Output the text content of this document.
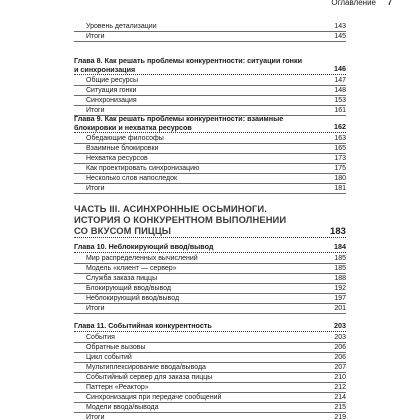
Оглавление 7
Уровень детализации	143
Итоги	145
Глава 8. Как решать проблемы конкурентности: ситуации гонки
и синхронизация	146
Общие ресурсы	147
Ситуация гонки	148
Синхронизация	153
Итоги	161
Глава 9. Как решать проблемы конкурентности: взаимные
блокировки и нехватка ресурсов	162
Обедающие философы	163
Взаимные блокировки	165
Нехватка ресурсов	173
Как проектировать синхронизацию	175
Несколько слов напоследок	180
Итоги	181
ЧАСТЬ III. АСИНХРОННЫЕ ОСЬМИНОГИ.
ИСТОРИЯ О КОНКУРЕНТНОМ ВЫПОЛНЕНИИ
СО ВКУСОМ ПИЦЦЫ	183
Глава 10. Неблокирующий ввод/вывод	184
Мир распределенных вычислений	185
Модель «клиент — сервер»	185
Служба заказа пиццы	188
Блокирующий ввод/вывод	192
Неблокирующий ввод/вывод	197
Итоги	201
Глава 11. Событийная конкурентность	203
События	203
Обратные вызовы	206
Цикл событий	206
Мультиплексирование ввода/вывода	207
Событийный сервер для заказа пиццы	210
Паттерн «Реактор»	212
Синхронизация при передаче сообщений	214
Модели ввода/вывода	215
Итоги	219
